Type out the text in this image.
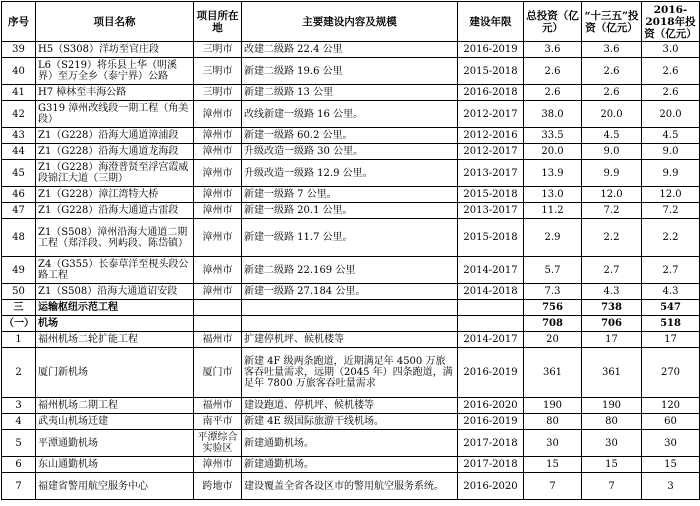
序号	项目名称	项目所在地	主要建设内容及规模	建设年限	总投资（亿元）	“十三五”投资（亿元）	2016-2018年投资（亿元）
39	H5（S308）洋坊至官庄段	三明市	改建二级路 22.4 公里	2016-2019	3.6	3.6	3.0
40	L6（S219）将乐县上华（明溪界）至万全乡（泰宁界）公路	三明市	新建二级路 19.6 公里	2015-2018	2.6	2.6	2.6
41	H7 樟林至丰海公路	三明市	新建二级路 13 公里	2016-2018	2.6	2.6	2.6
42	G319 漳州改线段一期工程（角美段）	漳州市	改线新建一级路 16 公里。	2012-2017	38.0	20.0	20.0
43	Z1（G228）沿海大通道漳浦段	漳州市	新建一级路 60.2 公里。	2012-2016	33.5	4.5	4.5
44	Z1（G228）沿海大通道龙海段	漳州市	升级改造一级路 30 公里。	2012-2017	20.0	9.0	9.0
45	Z1（G228）海澄普贤至浮宫霞威段锦江大道（三期）	漳州市	升级改造一级路 12.9 公里。	2013-2017	13.9	9.9	9.9
46	Z1（G228）漳江湾特大桥	漳州市	新建一级路 7 公里。	2015-2018	13.0	12.0	12.0
47	Z1（G228）沿海大通道古雷段	漳州市	新建一级路 20.1 公里。	2013-2017	11.2	7.2	7.2
48	Z1（S508）漳州沿海大通道二期工程（郑洋段、列屿段、陈岱镇）	漳州市	新建一级路 11.7 公里。	2015-2018	2.9	2.2	2.2
49	Z4（G355）长泰草洋至梘头段公路工程	漳州市	新建二级路 22.169 公里	2014-2017	5.7	2.7	2.7
50	Z1（S508）沿海大通道诏安段	漳州市	新建一级路 27.184 公里。	2014-2018	7.3	4.3	4.3
三	运输枢纽示范工程				756	738	547
（一）	机场				708	706	518
1	福州机场二轮扩能工程	福州市	扩建停机坪、候机楼等	2014-2017	20	17	17
2	厦门新机场	厦门市	新建 4F 级两条跑道，近期满足年 4500 万旅客吞吐量需求，远期（2045 年）四条跑道，满足年 7800 万旅客吞吐量需求	2016-2019	361	361	270
3	福州机场二期工程	福州市	建设跑道、停机坪、候机楼等	2016-2020	190	190	120
4	武夷山机场迁建	南平市	新建 4E 级国际旅游干线机场。	2016-2019	80	80	60
5	平潭通勤机场	平潭综合实验区	新建通勤机场。	2017-2018	30	30	30
6	东山通勤机场	漳州市	新建通勤机场。	2017-2018	15	15	15
7	福建省警用航空服务中心	跨地市	建设覆盖全省各设区市的警用航空服务系统。	2016-2020	7	7	3
